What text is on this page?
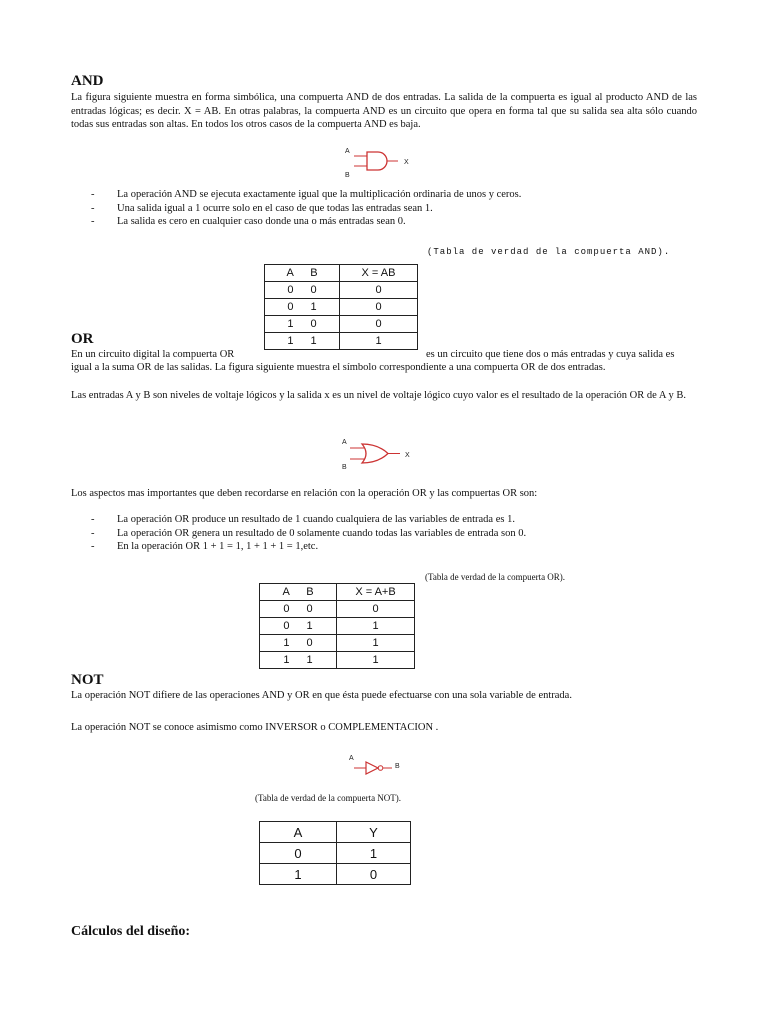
AND
La figura siguiente muestra en forma simbólica, una compuerta AND de dos entradas. La salida de la compuerta es igual al producto AND de las entradas lógicas; es decir. X = AB. En otras palabras, la compuerta AND es un circuito que opera en forma tal que su salida sea alta sólo cuando todas sus entradas son altas. En todos los otros casos de la compuerta AND es baja.
A
B
X
- La operación AND se ejecuta exactamente igual que la multiplicación ordinaria de unos y ceros.
- Una salida igual a 1 ocurre solo en el caso de que todas las entradas sean 1.
- La salida es cero en cualquier caso donde una o más entradas sean 0.
(Tabla de verdad de la compuerta AND).
A B	X = AB
0 0	0
0 1	0
1 0	0
1 1	1
OR
En un circuito digital la compuerta OR	es un circuito que tiene dos o más entradas y cuya salida es
igual a la suma OR de las salidas. La figura siguiente muestra el símbolo correspondiente a una compuerta OR de dos entradas.
Las entradas A y B son niveles de voltaje lógicos y la salida x es un nivel de voltaje lógico cuyo valor es el resultado de la operación OR de A y B.
A
B
X
Los aspectos mas importantes que deben recordarse en relación con la operación OR y las compuertas OR son:
- La operación OR produce un resultado de 1 cuando cualquiera de las variables de entrada es 1.
- La operación OR genera un resultado de 0 solamente cuando todas las variables de entrada son 0.
- En la operación OR 1 + 1 = 1, 1 + 1 + 1 = 1,etc.
(Tabla de verdad de la compuerta OR).
A B	X = A+B
0 0	0
0 1	1
1 0	1
1 1	1
NOT
La operación NOT difiere de las operaciones AND y OR en que ésta puede efectuarse con una sola variable de entrada.
La operación NOT se conoce asimismo como INVERSOR o COMPLEMENTACION .
A
B
(Tabla de verdad de la compuerta NOT).
A	Y
0	1
1	0
Cálculos del diseño:
